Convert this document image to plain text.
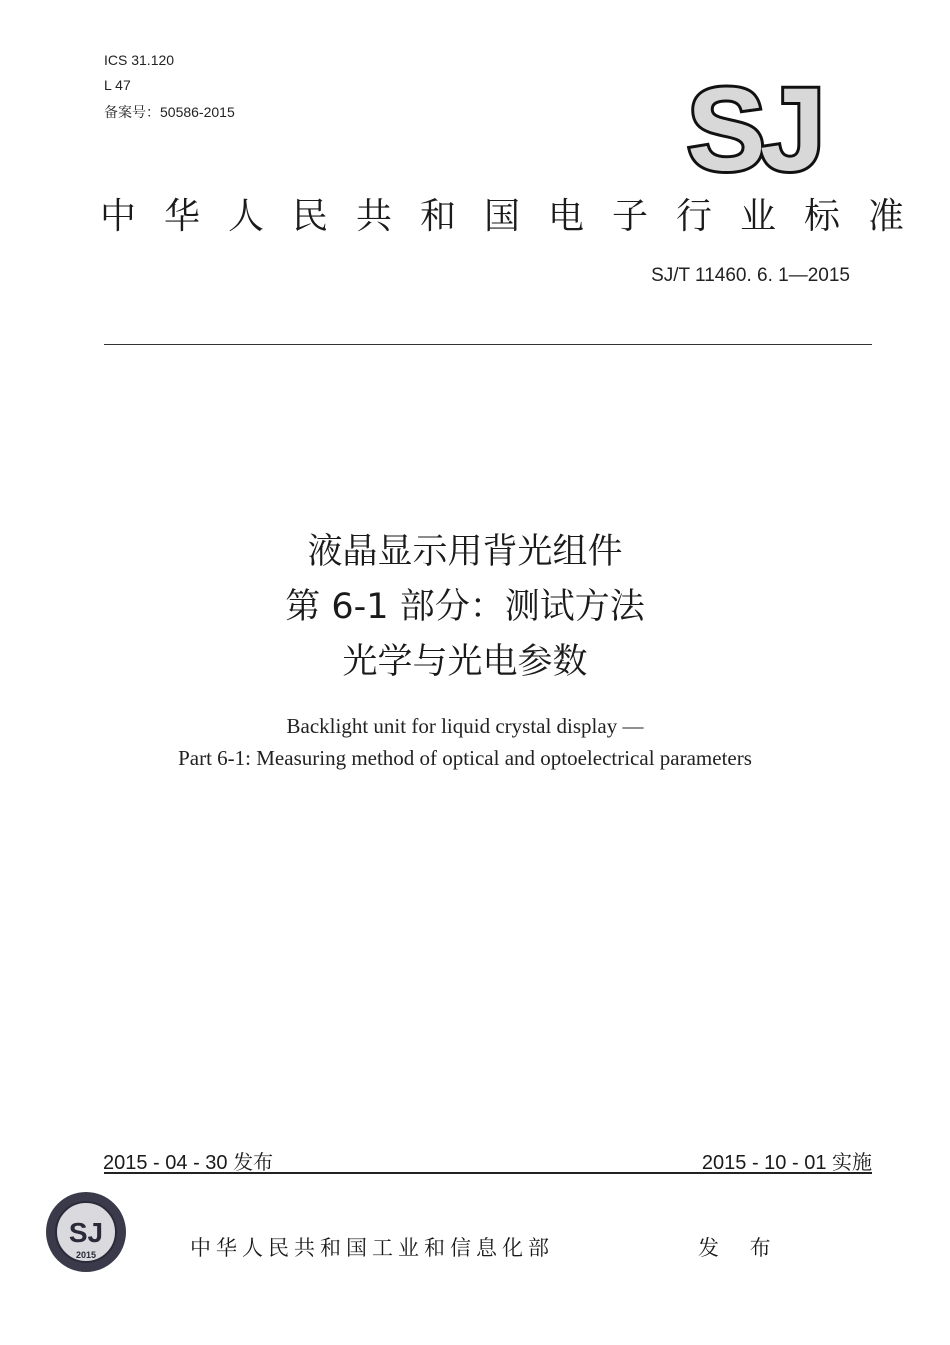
ICS 31.120
L 47
备案号：50586-2015	SJ
中华人民共和国电子行业标准
SJ/T 11460. 6. 1—2015
液晶显示用背光组件
第 6-1 部分：测试方法
光学与光电参数
Backlight unit for liquid crystal display —
Part 6-1: Measuring method of optical and optoelectrical parameters
2015 - 04 - 30 发布	2015 - 10 - 01 实施
SJ
2015	中华人民共和国工业和信息化部	发 布
